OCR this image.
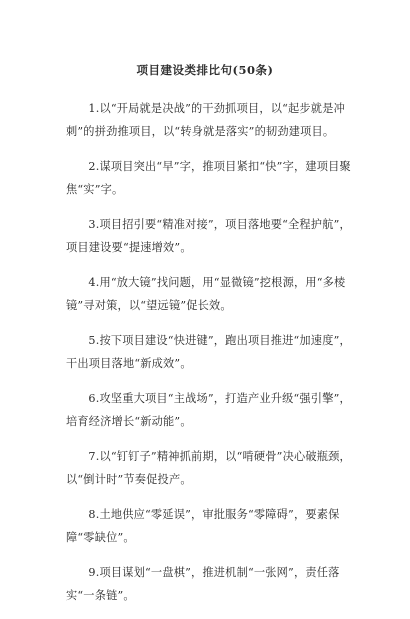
项目建设类排比句(50条)

1.以“开局就是决战”的干劲抓项目，以“起步就是冲刺”的拼劲推项目，以“转身就是落实”的韧劲建项目。

2.谋项目突出“早”字，推项目紧扣“快”字，建项目聚焦“实”字。

3.项目招引要“精准对接”，项目落地要“全程护航”，项目建设要“提速增效”。

4.用“放大镜”找问题，用“显微镜”挖根源，用“多棱镜”寻对策，以“望远镜”促长效。

5.按下项目建设“快进键”，跑出项目推进“加速度”，干出项目落地“新成效”。

6.攻坚重大项目“主战场”，打造产业升级“强引擎”，培育经济增长“新动能”。

7.以“钉钉子”精神抓前期，以“啃硬骨”决心破瓶颈，以“倒计时”节奏促投产。

8.土地供应“零延误”，审批服务“零障碍”，要素保障“零缺位”。

9.项目谋划“一盘棋”，推进机制“一张网”，责任落实“一条链”。
